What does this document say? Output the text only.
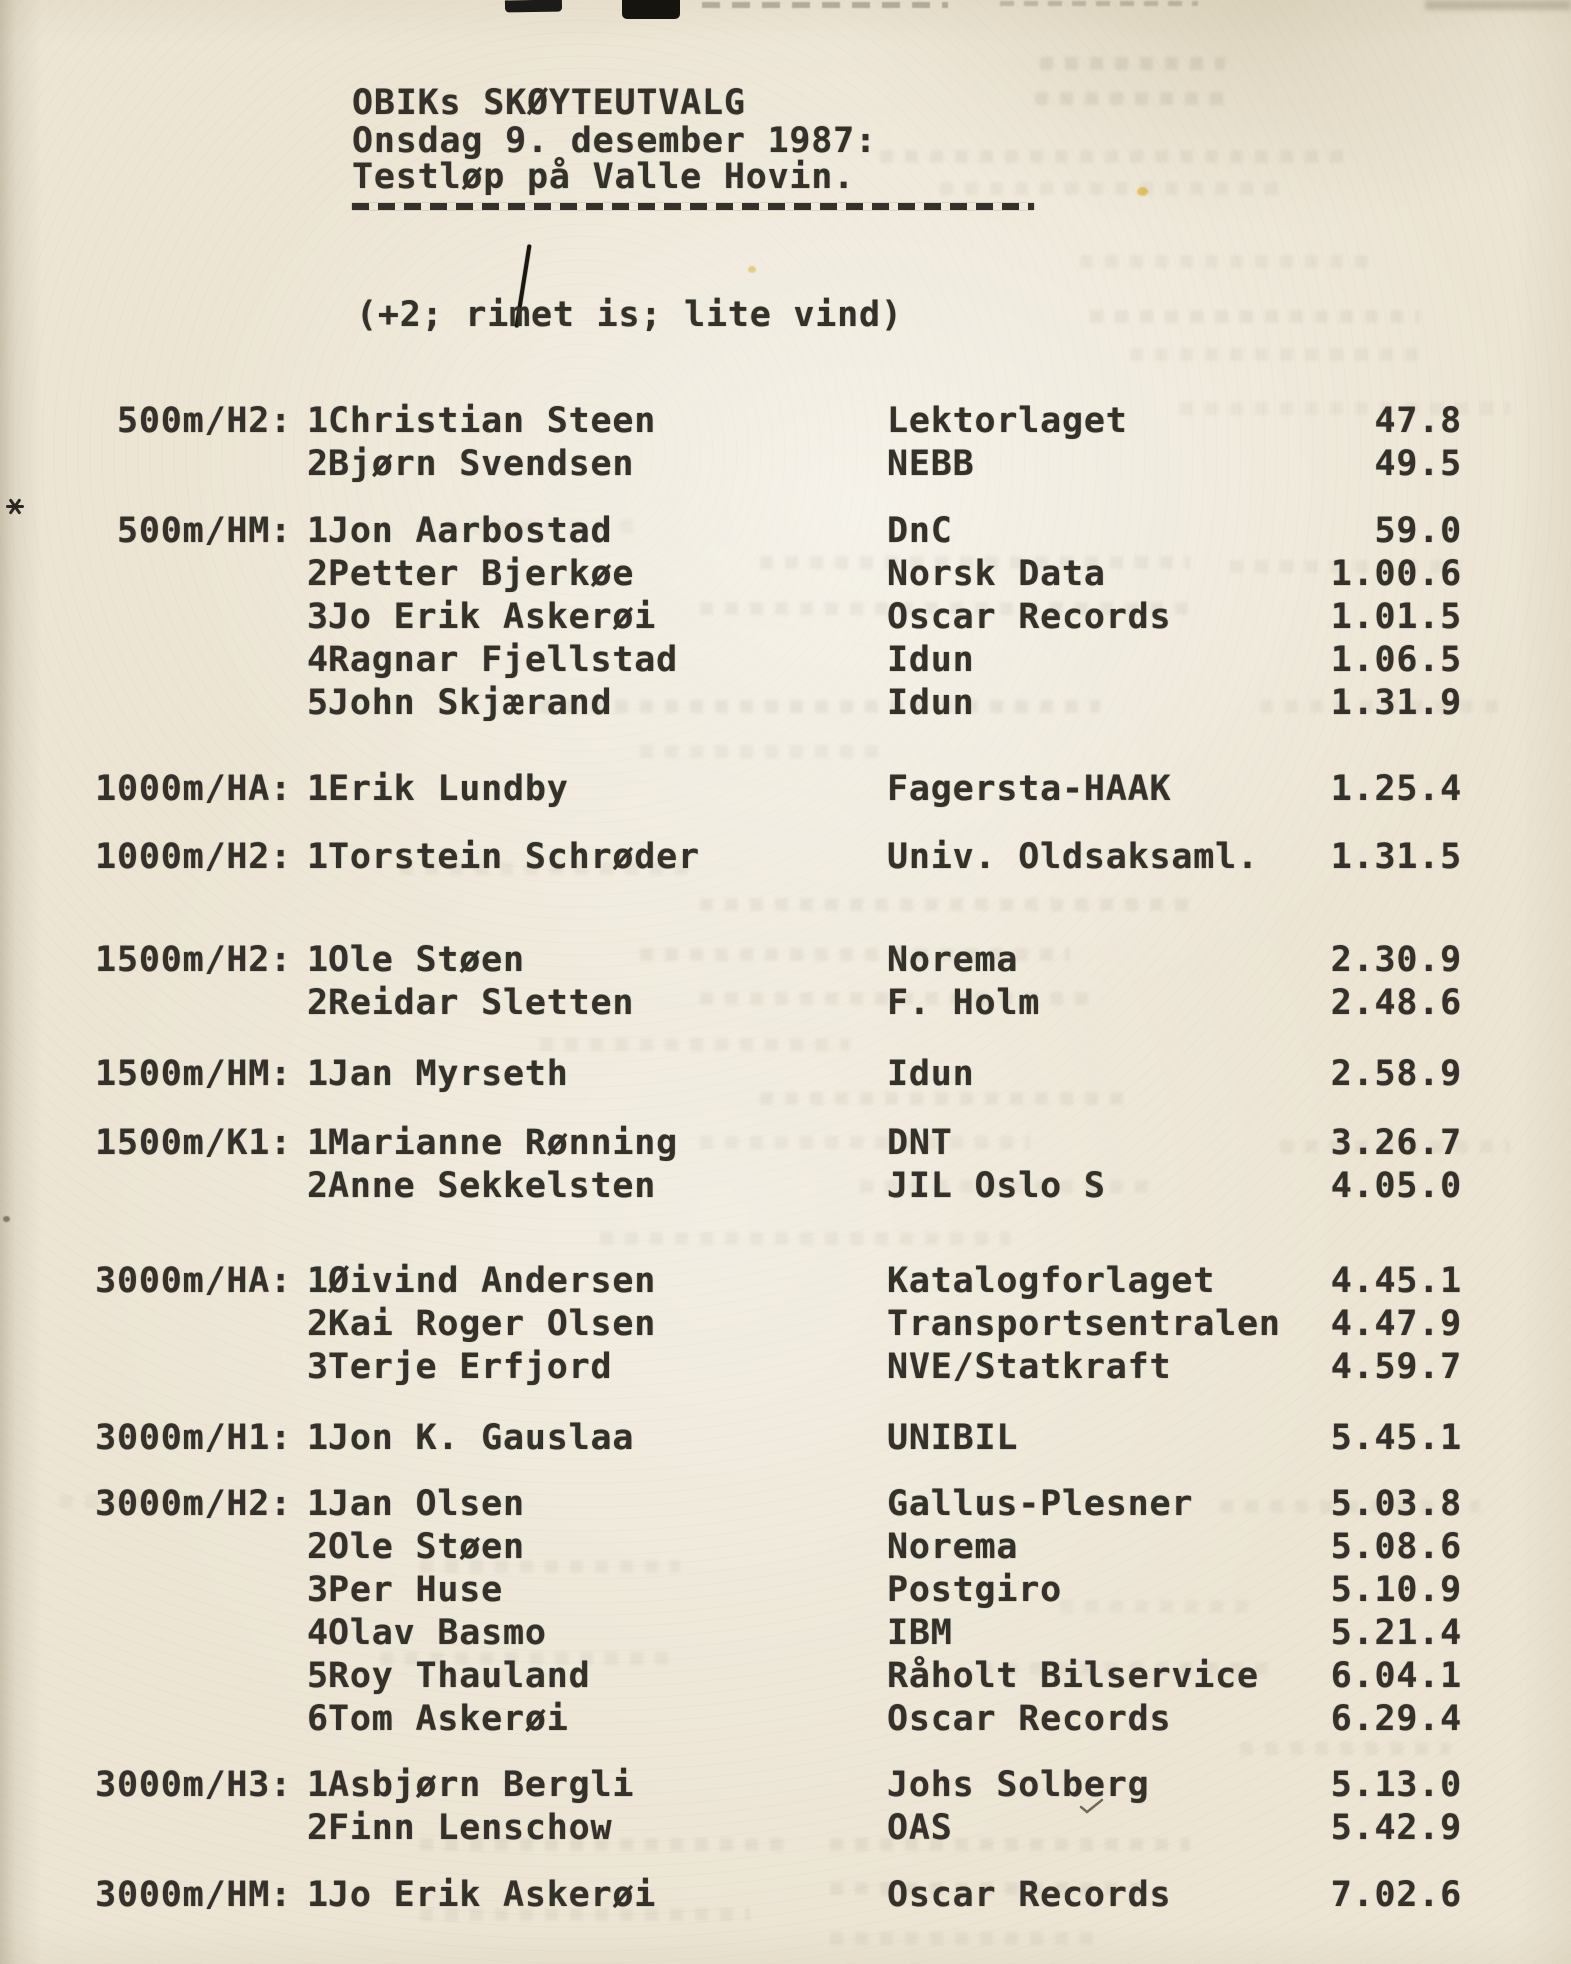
OBIKs SKØYTEUTVALG
Onsdag 9. desember 1987:
Testløp på Valle Hovin.
(+2; rimet is; lite vind)
500m/H2: 1 Christian Steen	Lektorlaget	47.8
2 Bjørn Svendsen	NEBB	49.5
500m/HM: 1 Jon Aarbostad	DnC	59.0
2 Petter Bjerkøe	Norsk Data	1.00.6
3 Jo Erik Askerøi	Oscar Records	1.01.5
4 Ragnar Fjellstad	Idun	1.06.5
5 John Skjærand	Idun	1.31.9
1000m/HA: 1 Erik Lundby	Fagersta-HAAK	1.25.4
1000m/H2: 1 Torstein Schrøder	Univ. Oldsaksaml.	1.31.5
1500m/H2: 1 Ole Støen	Norema	2.30.9
2 Reidar Sletten	F. Holm	2.48.6
1500m/HM: 1 Jan Myrseth	Idun	2.58.9
1500m/K1: 1 Marianne Rønning	DNT	3.26.7
2 Anne Sekkelsten	JIL Oslo S	4.05.0
3000m/HA: 1 Øivind Andersen	Katalogforlaget	4.45.1
2 Kai Roger Olsen	Transportsentralen	4.47.9
3 Terje Erfjord	NVE/Statkraft	4.59.7
3000m/H1: 1 Jon K. Gauslaa	UNIBIL	5.45.1
3000m/H2: 1 Jan Olsen	Gallus-Plesner	5.03.8
2 Ole Støen	Norema	5.08.6
3 Per Huse	Postgiro	5.10.9
4 Olav Basmo	IBM	5.21.4
5 Roy Thauland	Råholt Bilservice	6.04.1
6 Tom Askerøi	Oscar Records	6.29.4
3000m/H3: 1 Asbjørn Bergli	Johs Solberg	5.13.0
2 Finn Lenschow	OAS	5.42.9
3000m/HM: 1 Jo Erik Askerøi	Oscar Records	7.02.6
